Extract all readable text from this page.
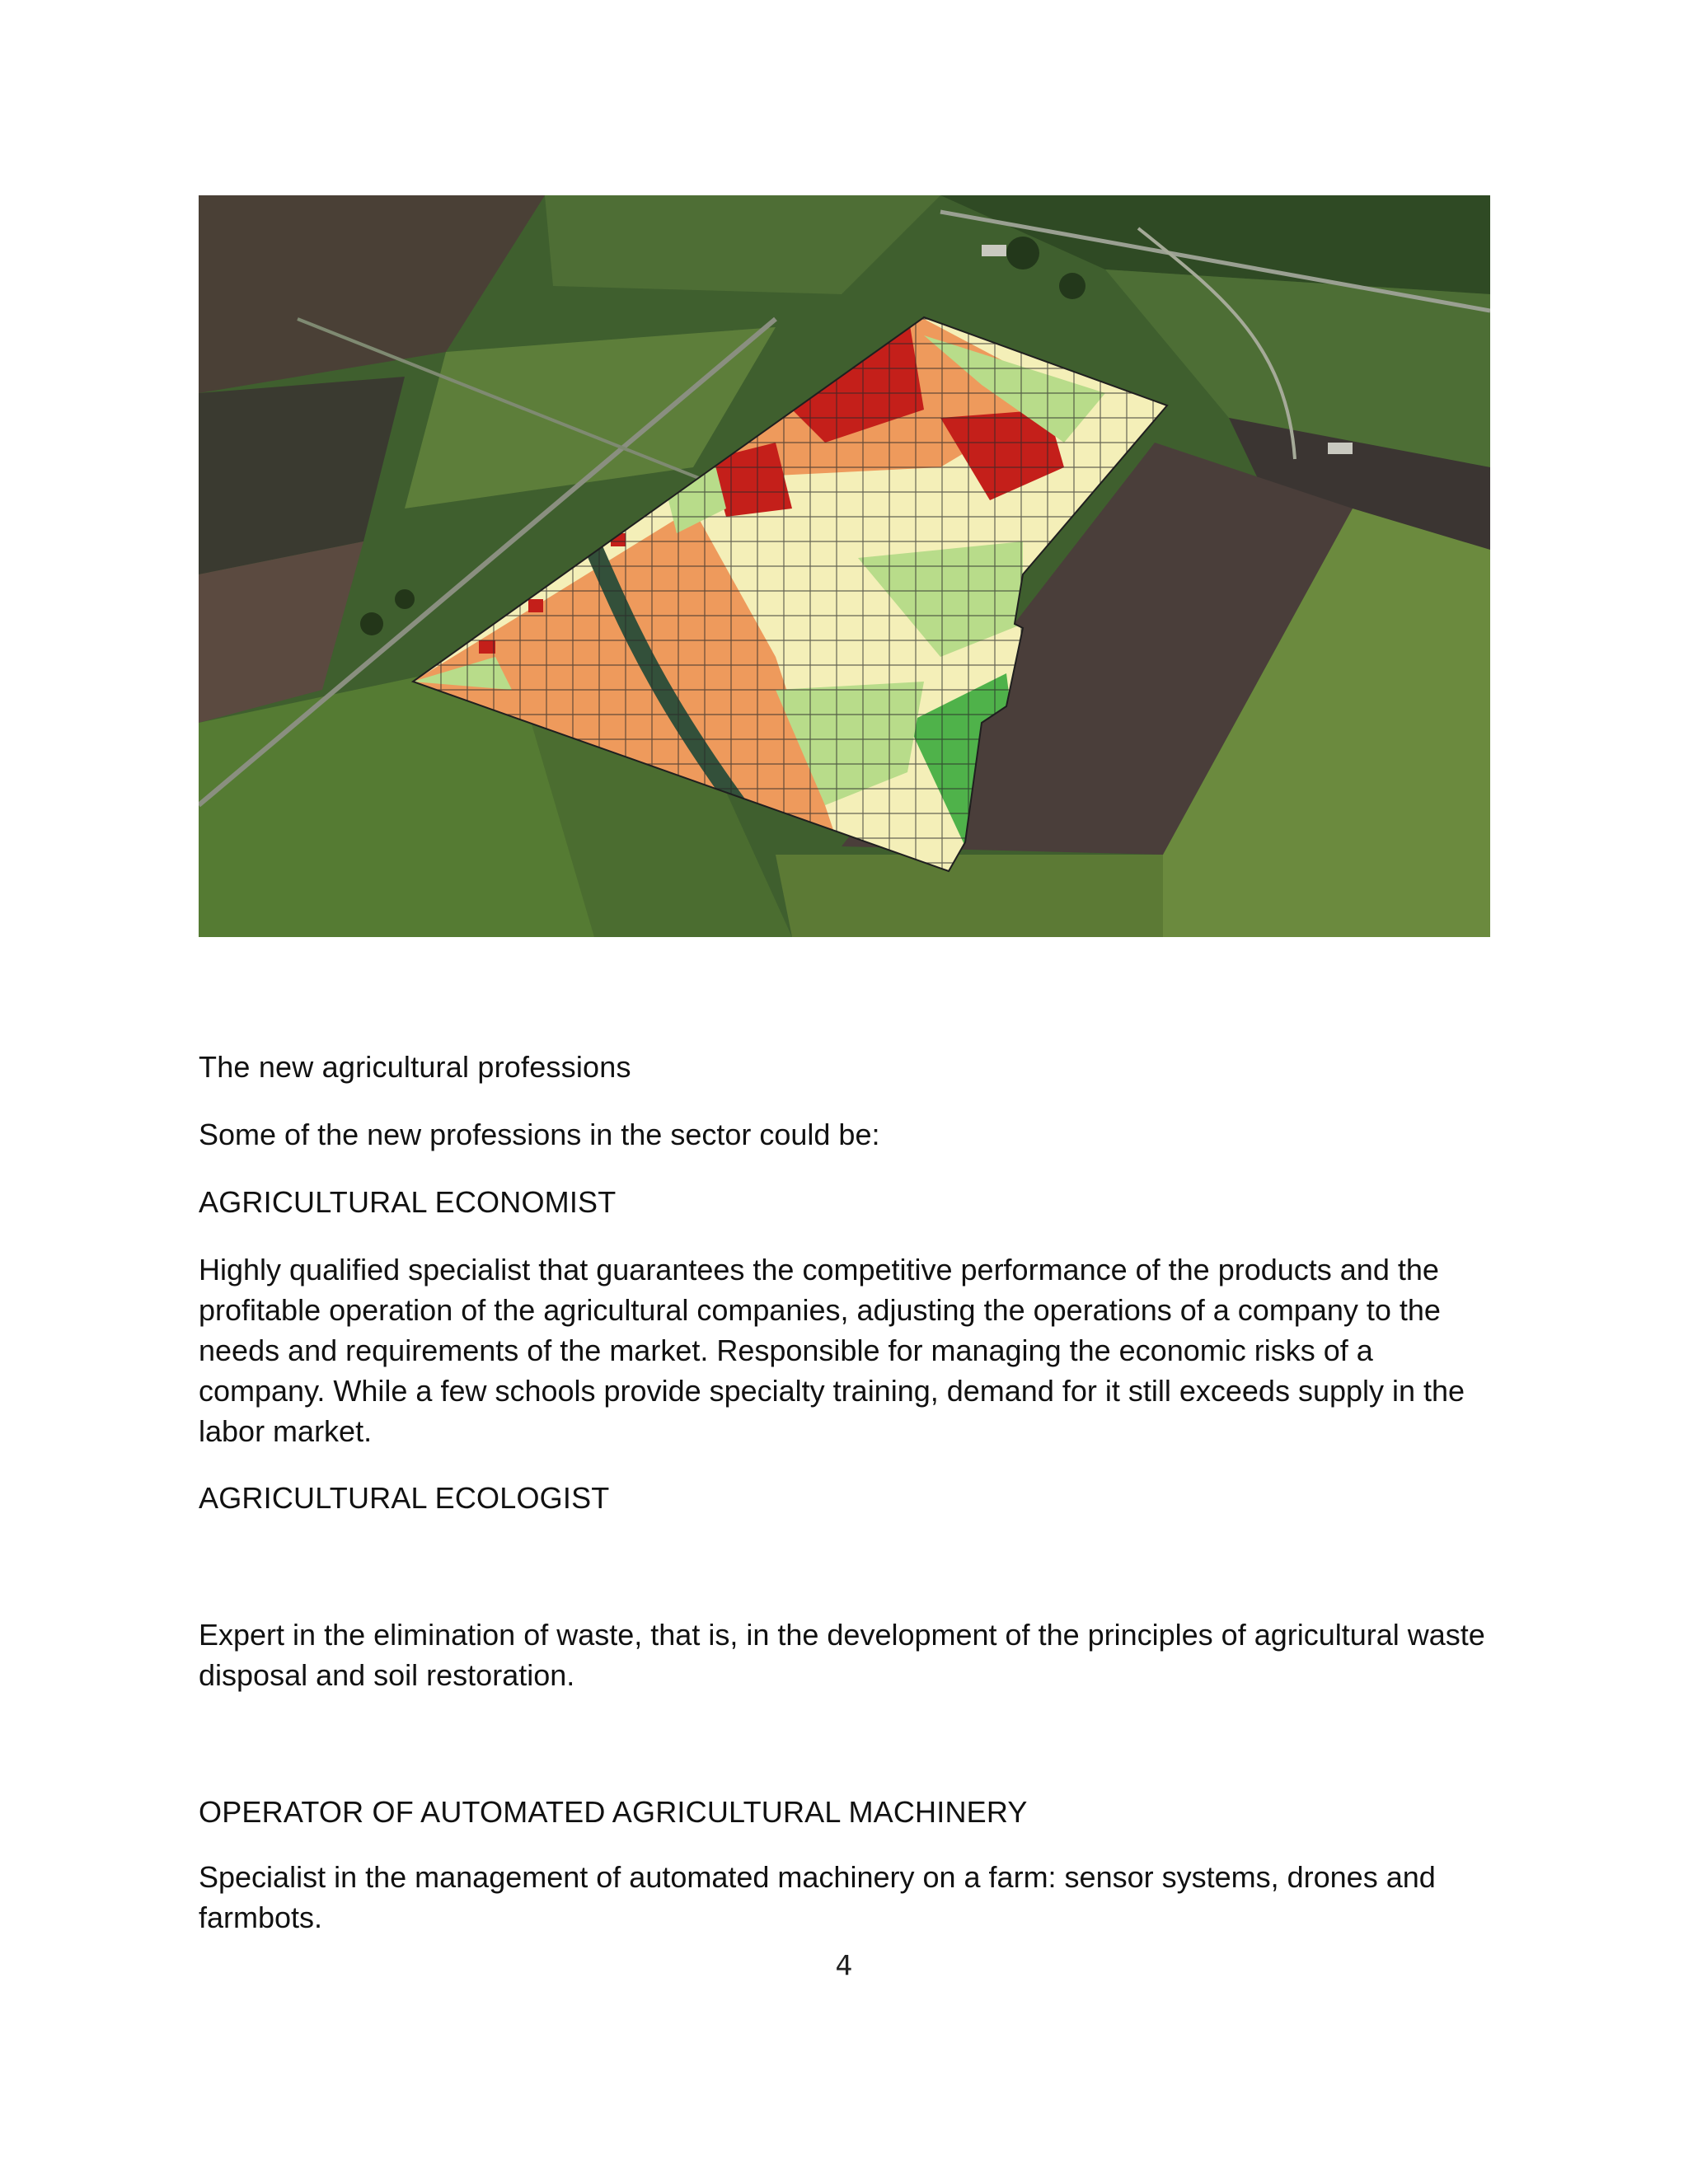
The new agricultural professions

Some of the new professions in the sector could be:

AGRICULTURAL ECONOMIST

Highly qualified specialist that guarantees the competitive performance of the products and the profitable operation of the agricultural companies, adjusting the operations of a company to the needs and requirements of the market. Responsible for managing the economic risks of a company. While a few schools provide specialty training, demand for it still exceeds supply in the labor market.

AGRICULTURAL ECOLOGIST

Expert in the elimination of waste, that is, in the development of the principles of agricultural waste disposal and soil restoration.

OPERATOR OF AUTOMATED AGRICULTURAL MACHINERY

Specialist in the management of automated machinery on a farm: sensor systems, drones and farmbots.

4
